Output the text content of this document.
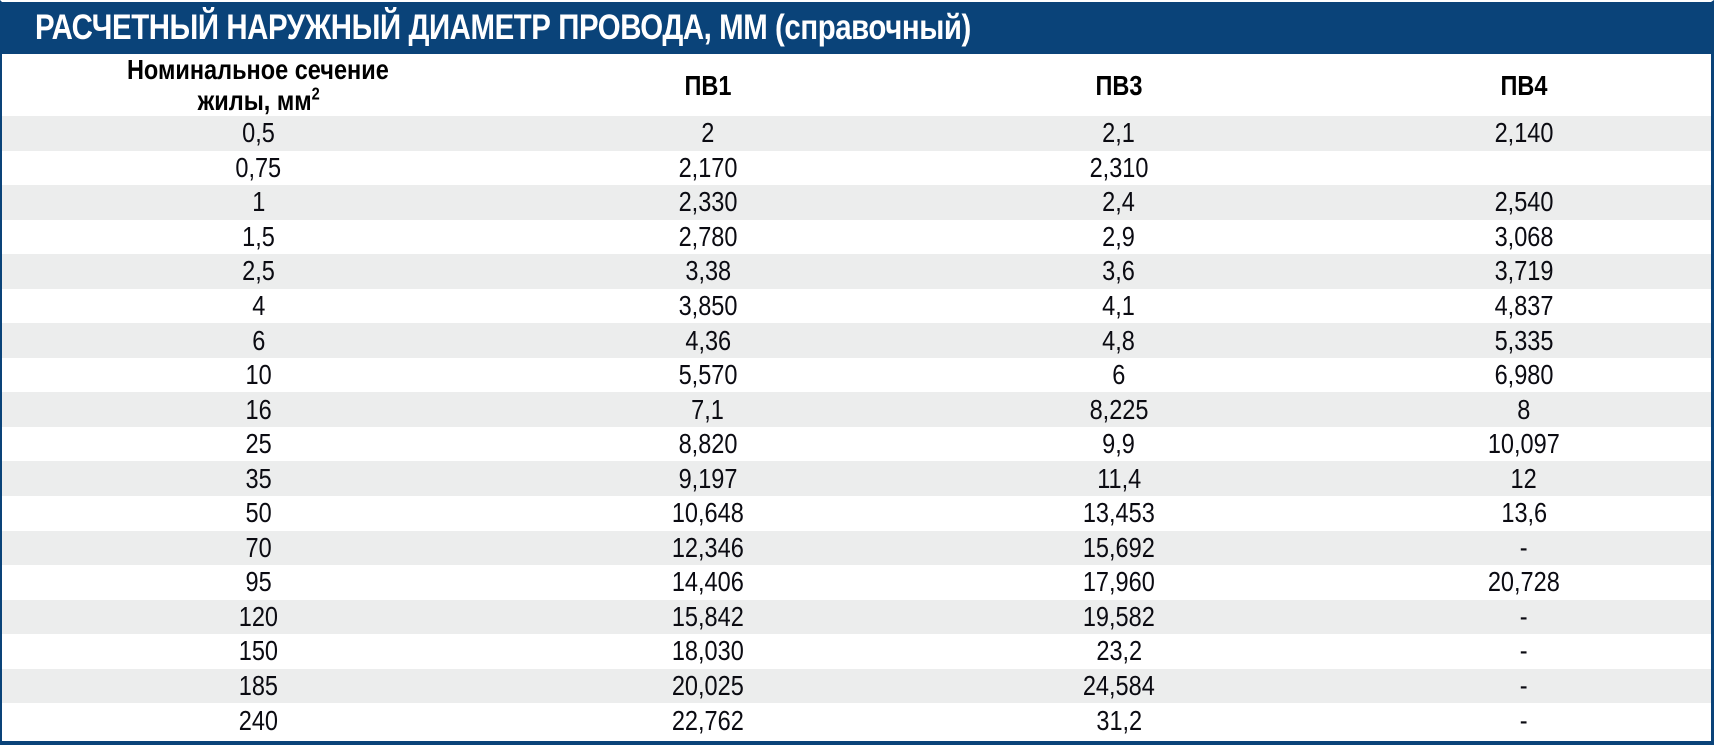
РАСЧЕТНЫЙ НАРУЖНЫЙ ДИАМЕТР ПРОВОДА, ММ (справочный)
Номинальное сечение
жилы, $мм^2$	ПВ1	ПВ3	ПВ4
0,5	2	2,1	2,140
0,75	2,170	2,310
1	2,330	2,4	2,540
1,5	2,780	2,9	3,068
2,5	3,38	3,6	3,719
4	3,850	4,1	4,837
6	4,36	4,8	5,335
10	5,570	6	6,980
16	7,1	8,225	8
25	8,820	9,9	10,097
35	9,197	11,4	12
50	10,648	13,453	13,6
70	12,346	15,692	-
95	14,406	17,960	20,728
120	15,842	19,582	-
150	18,030	23,2	-
185	20,025	24,584	-
240	22,762	31,2	-
